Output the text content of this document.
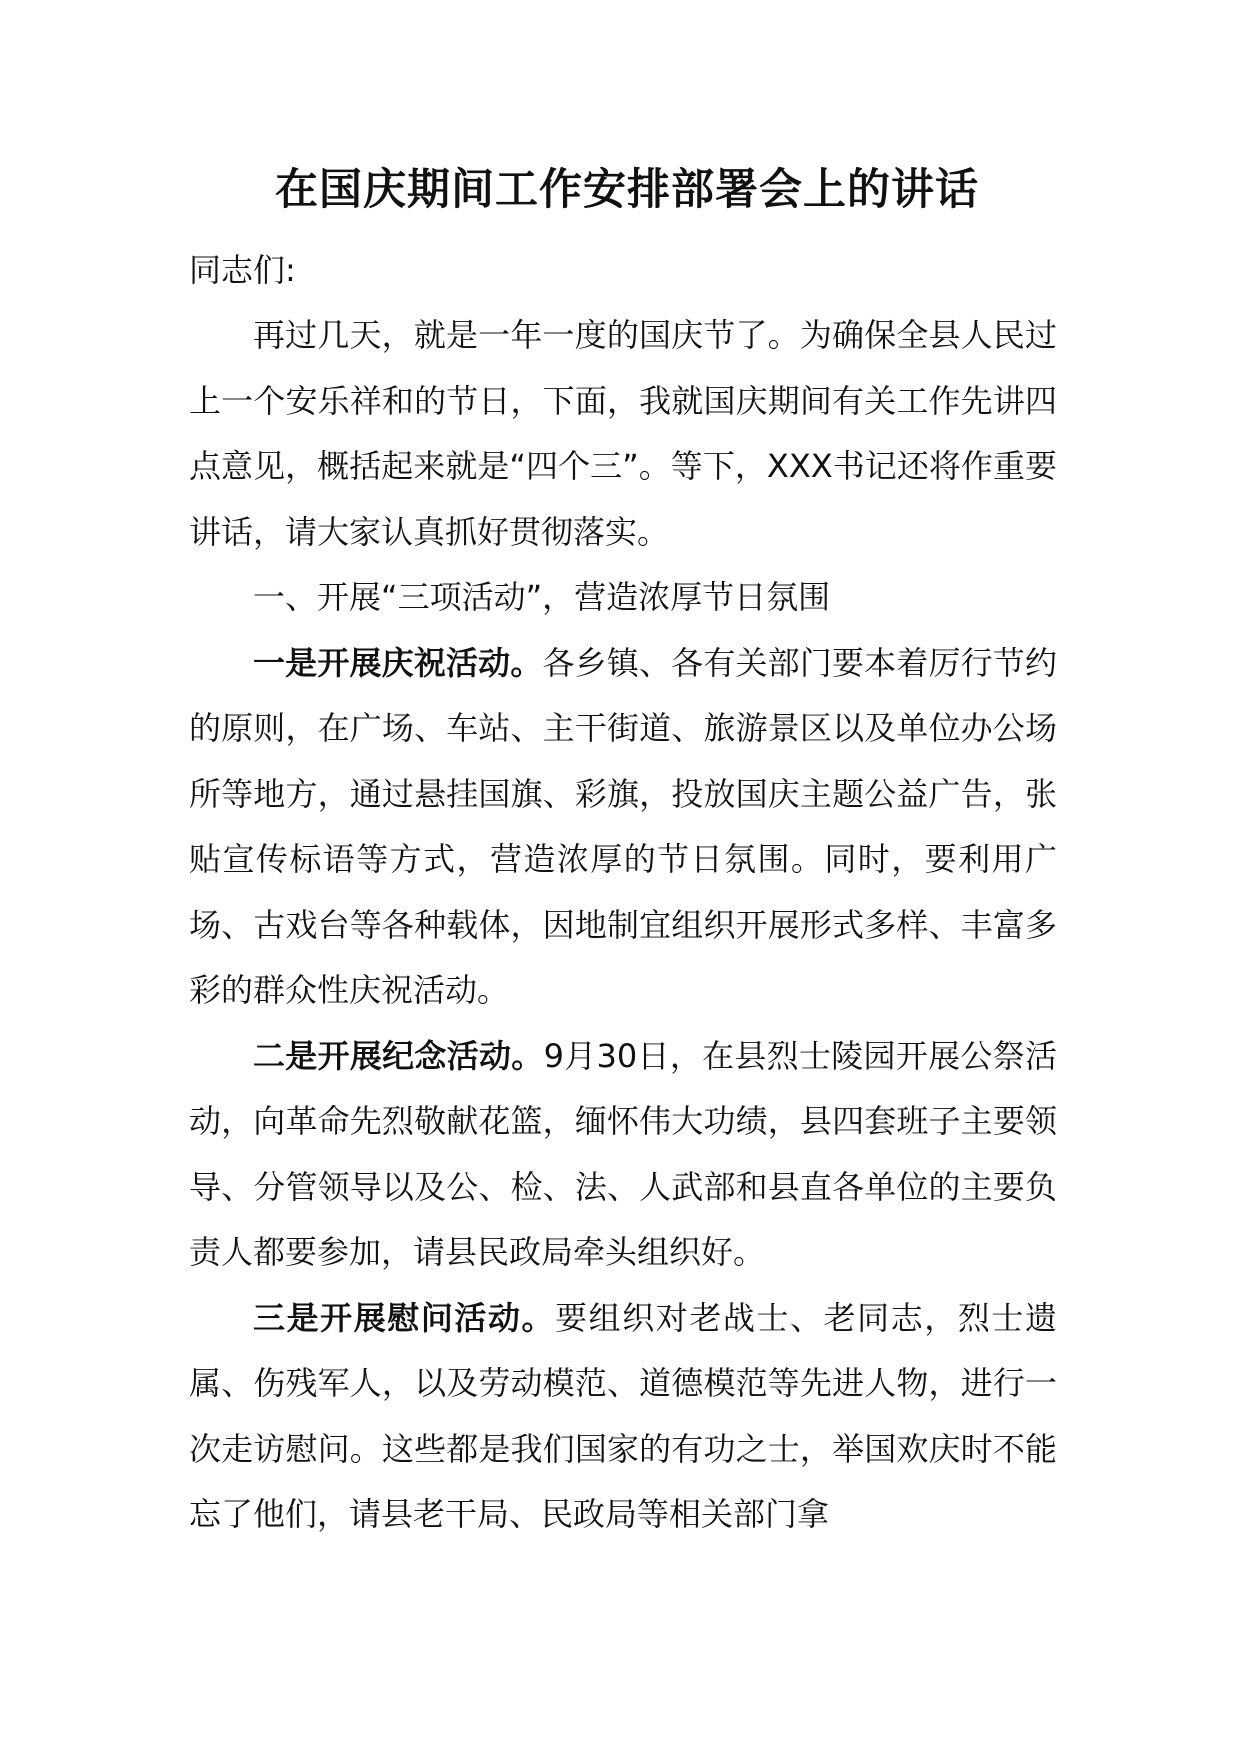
在国庆期间工作安排部署会上的讲话

同志们:

再过几天，就是一年一度的国庆节了。为确保全县人民过上一个安乐祥和的节日，下面，我就国庆期间有关工作先讲四点意见，概括起来就是“四个三”。等下，XXX书记还将作重要讲话，请大家认真抓好贯彻落实。

一、开展“三项活动”，营造浓厚节日氛围

一是开展庆祝活动。各乡镇、各有关部门要本着厉行节约的原则，在广场、车站、主干街道、旅游景区以及单位办公场所等地方，通过悬挂国旗、彩旗，投放国庆主题公益广告，张贴宣传标语等方式，营造浓厚的节日氛围。同时，要利用广场、古戏台等各种载体，因地制宜组织开展形式多样、丰富多彩的群众性庆祝活动。

二是开展纪念活动。9月30日，在县烈士陵园开展公祭活动，向革命先烈敬献花篮，缅怀伟大功绩，县四套班子主要领导、分管领导以及公、检、法、人武部和县直各单位的主要负责人都要参加，请县民政局牵头组织好。

三是开展慰问活动。要组织对老战士、老同志，烈士遗属、伤残军人，以及劳动模范、道德模范等先进人物，进行一次走访慰问。这些都是我们国家的有功之士，举国欢庆时不能忘了他们，请县老干局、民政局等相关部门拿
